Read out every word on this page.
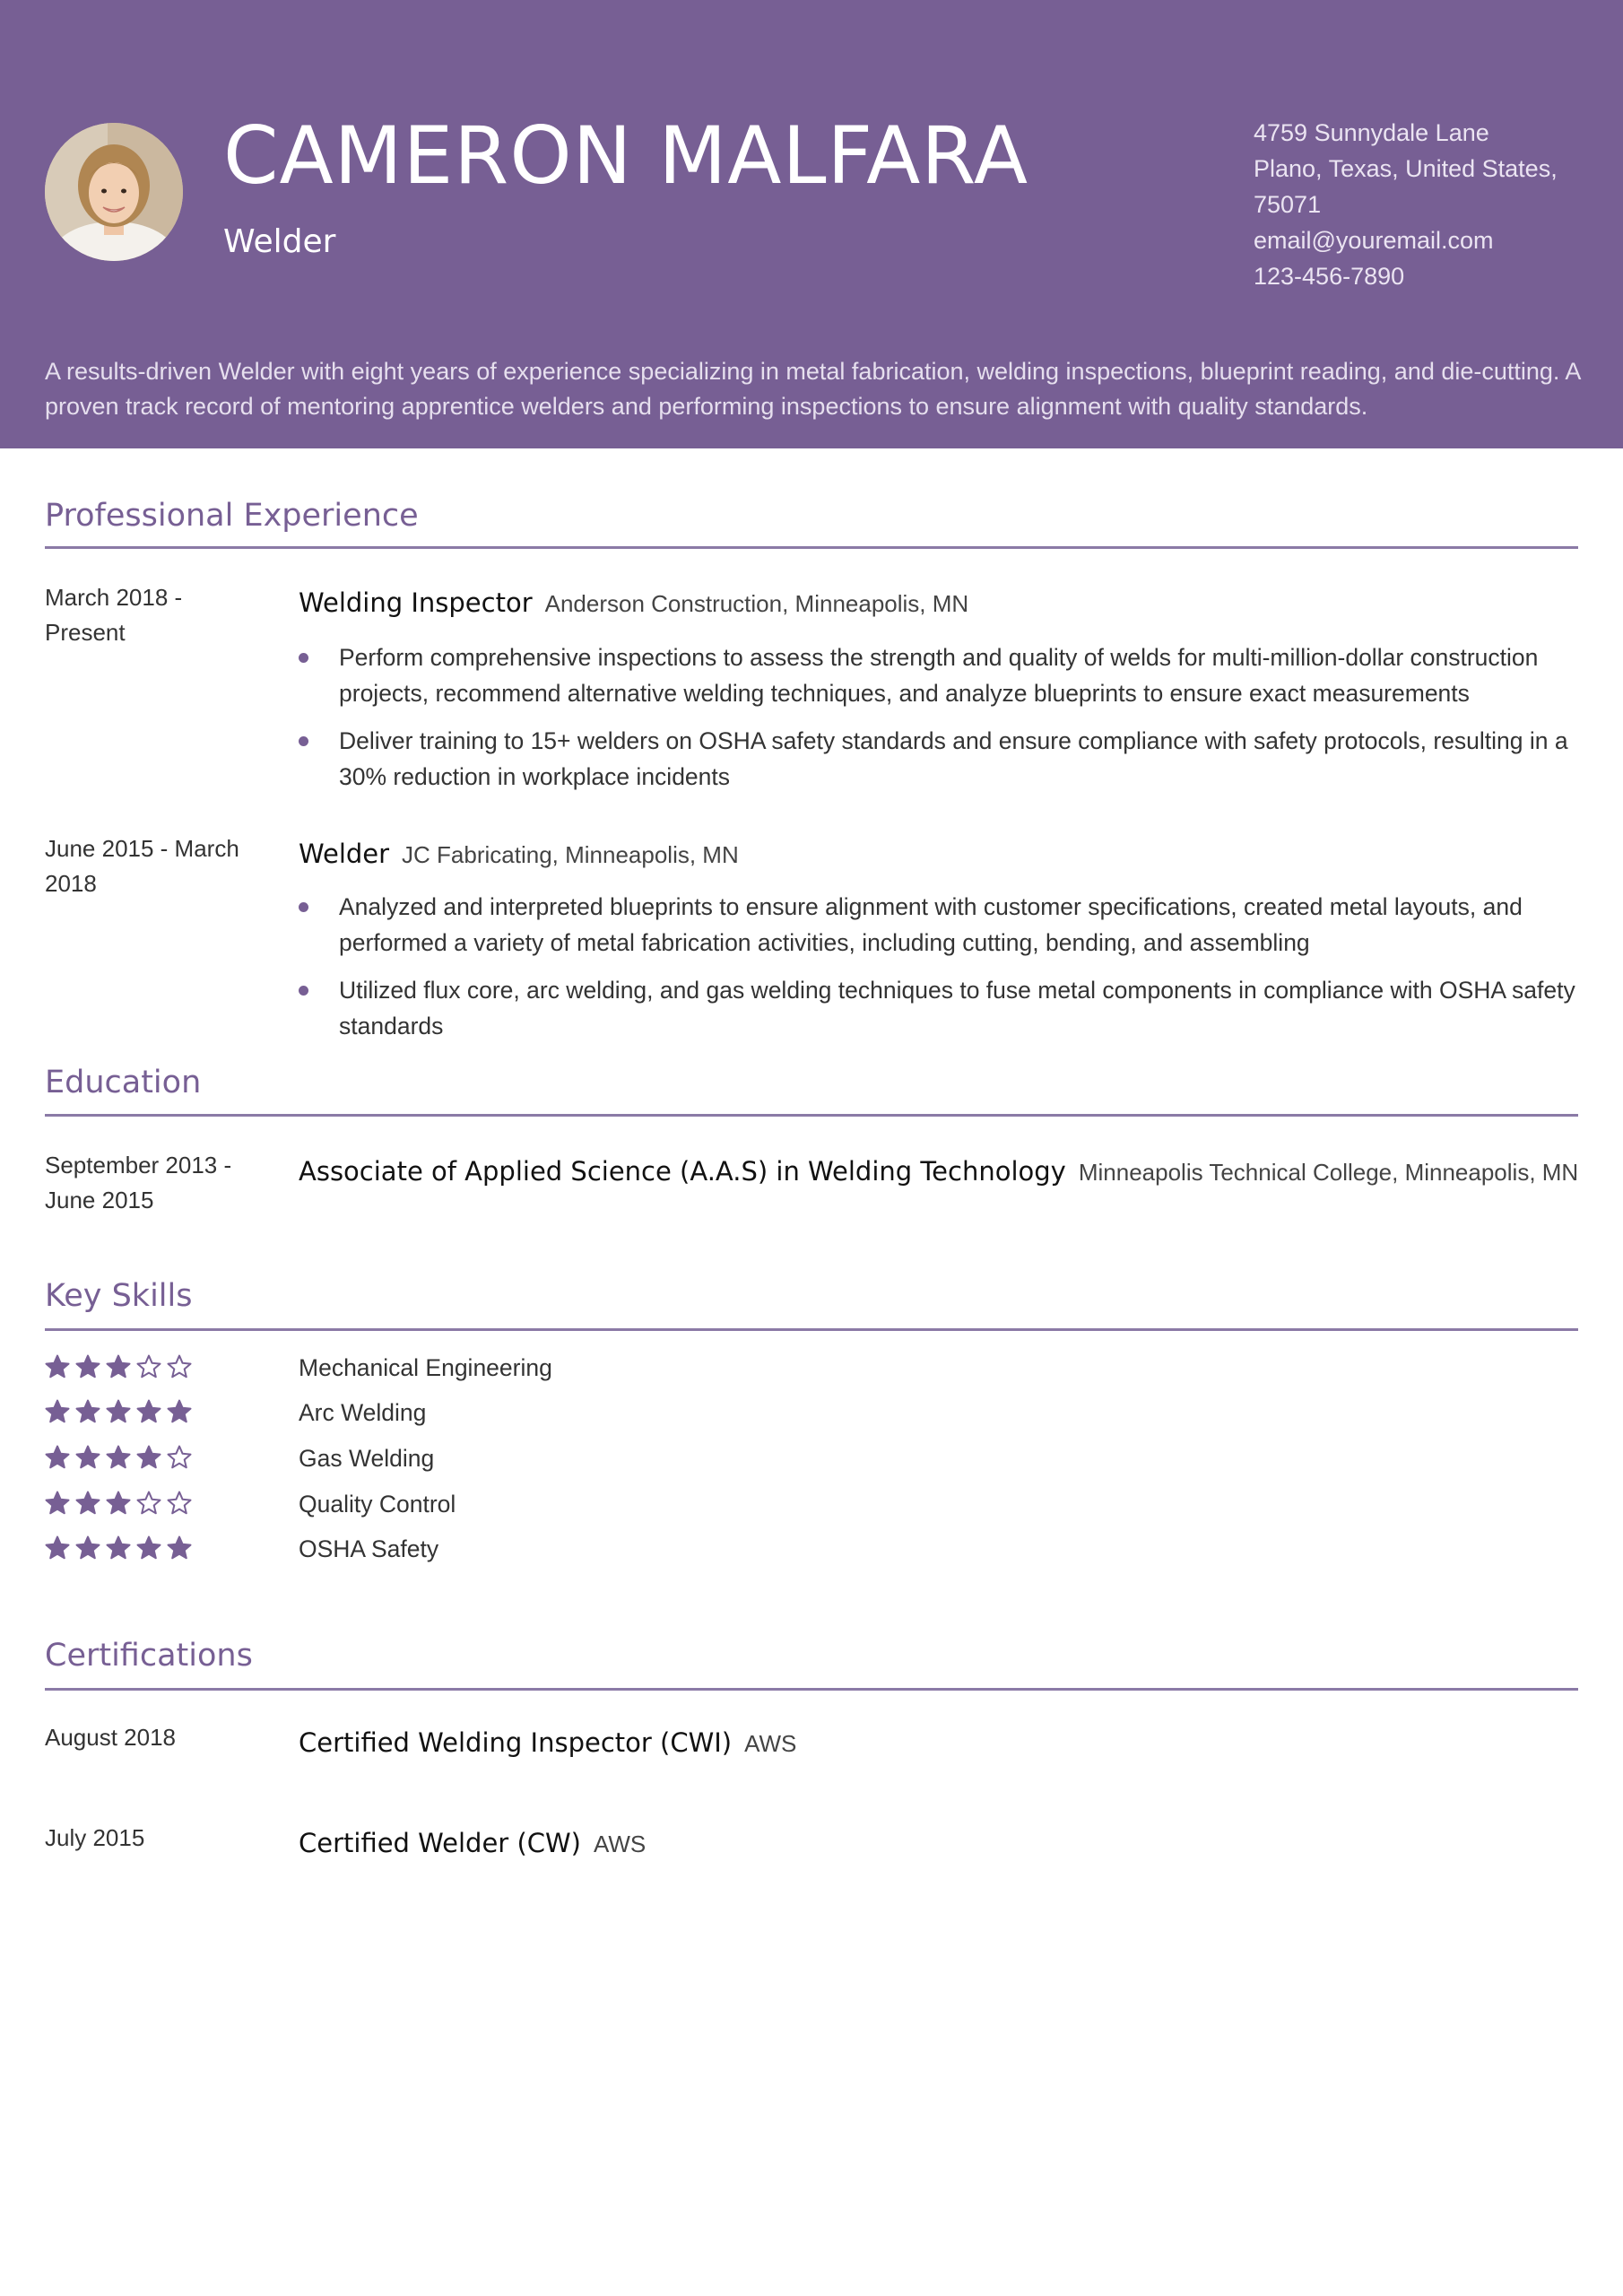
CAMERON MALFARA
Welder
4759 Sunnydale Lane
Plano, Texas, United States,
75071
email@youremail.com
123-456-7890
A results-driven Welder with eight years of experience specializing in metal fabrication, welding inspections, blueprint reading, and die-cutting. A proven track record of mentoring apprentice welders and performing inspections to ensure alignment with quality standards.
Professional Experience
March 2018 - Present
Welding Inspector Anderson Construction, Minneapolis, MN
Perform comprehensive inspections to assess the strength and quality of welds for multi-million-dollar construction projects, recommend alternative welding techniques, and analyze blueprints to ensure exact measurements
Deliver training to 15+ welders on OSHA safety standards and ensure compliance with safety protocols, resulting in a 30% reduction in workplace incidents
June 2015 - March 2018
Welder JC Fabricating, Minneapolis, MN
Analyzed and interpreted blueprints to ensure alignment with customer specifications, created metal layouts, and performed a variety of metal fabrication activities, including cutting, bending, and assembling
Utilized flux core, arc welding, and gas welding techniques to fuse metal components in compliance with OSHA safety standards
Education
September 2013 - June 2015
Associate of Applied Science (A.A.S) in Welding Technology Minneapolis Technical College, Minneapolis, MN
Key Skills
Mechanical Engineering
Arc Welding
Gas Welding
Quality Control
OSHA Safety
Certifications
August 2018	Certified Welding Inspector (CWI) AWS
July 2015	Certified Welder (CW) AWS
